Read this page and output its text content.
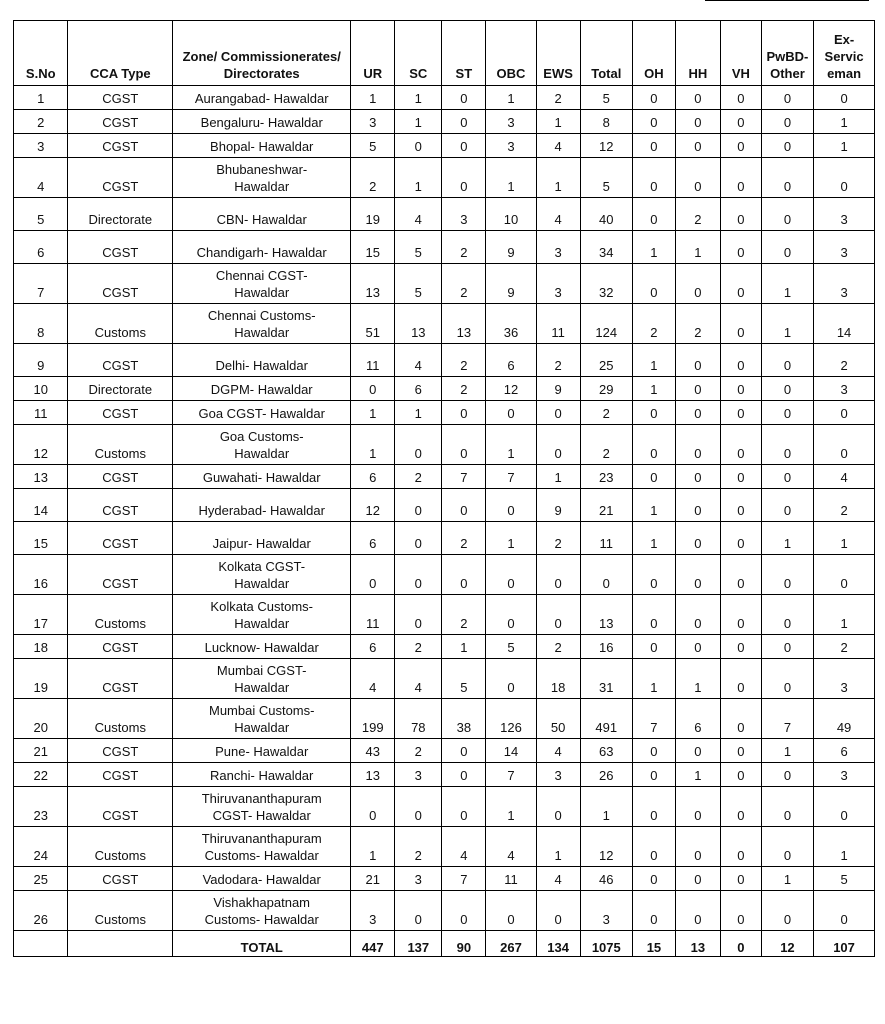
S.No	CCA Type	Zone/ Commissionerates/ Directorates	UR	SC	ST	OBC	EWS	Total	OH	HH	VH	PwBD- Other	Ex- Servic eman
1	CGST	Aurangabad- Hawaldar	1	1	0	1	2	5	0	0	0	0	0
2	CGST	Bengaluru- Hawaldar	3	1	0	3	1	8	0	0	0	0	1
3	CGST	Bhopal- Hawaldar	5	0	0	3	4	12	0	0	0	0	1
4	CGST	Bhubaneshwar-
Hawaldar	2	1	0	1	1	5	0	0	0	0	0
5	Directorate	CBN- Hawaldar	19	4	3	10	4	40	0	2	0	0	3
6	CGST	Chandigarh- Hawaldar	15	5	2	9	3	34	1	1	0	0	3
7	CGST	Chennai CGST-
Hawaldar	13	5	2	9	3	32	0	0	0	1	3
8	Customs	Chennai Customs-
Hawaldar	51	13	13	36	11	124	2	2	0	1	14
9	CGST	Delhi- Hawaldar	11	4	2	6	2	25	1	0	0	0	2
10	Directorate	DGPM- Hawaldar	0	6	2	12	9	29	1	0	0	0	3
11	CGST	Goa CGST- Hawaldar	1	1	0	0	0	2	0	0	0	0	0
12	Customs	Goa Customs-
Hawaldar	1	0	0	1	0	2	0	0	0	0	0
13	CGST	Guwahati- Hawaldar	6	2	7	7	1	23	0	0	0	0	4
14	CGST	Hyderabad- Hawaldar	12	0	0	0	9	21	1	0	0	0	2
15	CGST	Jaipur- Hawaldar	6	0	2	1	2	11	1	0	0	1	1
16	CGST	Kolkata CGST-
Hawaldar	0	0	0	0	0	0	0	0	0	0	0
17	Customs	Kolkata Customs-
Hawaldar	11	0	2	0	0	13	0	0	0	0	1
18	CGST	Lucknow- Hawaldar	6	2	1	5	2	16	0	0	0	0	2
19	CGST	Mumbai CGST-
Hawaldar	4	4	5	0	18	31	1	1	0	0	3
20	Customs	Mumbai Customs-
Hawaldar	199	78	38	126	50	491	7	6	0	7	49
21	CGST	Pune- Hawaldar	43	2	0	14	4	63	0	0	0	1	6
22	CGST	Ranchi- Hawaldar	13	3	0	7	3	26	0	1	0	0	3
23	CGST	Thiruvananthapuram
CGST- Hawaldar	0	0	0	1	0	1	0	0	0	0	0
24	Customs	Thiruvananthapuram
Customs- Hawaldar	1	2	4	4	1	12	0	0	0	0	1
25	CGST	Vadodara- Hawaldar	21	3	7	11	4	46	0	0	0	1	5
26	Customs	Vishakhapatnam
Customs- Hawaldar	3	0	0	0	0	3	0	0	0	0	0
		TOTAL	447	137	90	267	134	1075	15	13	0	12	107
